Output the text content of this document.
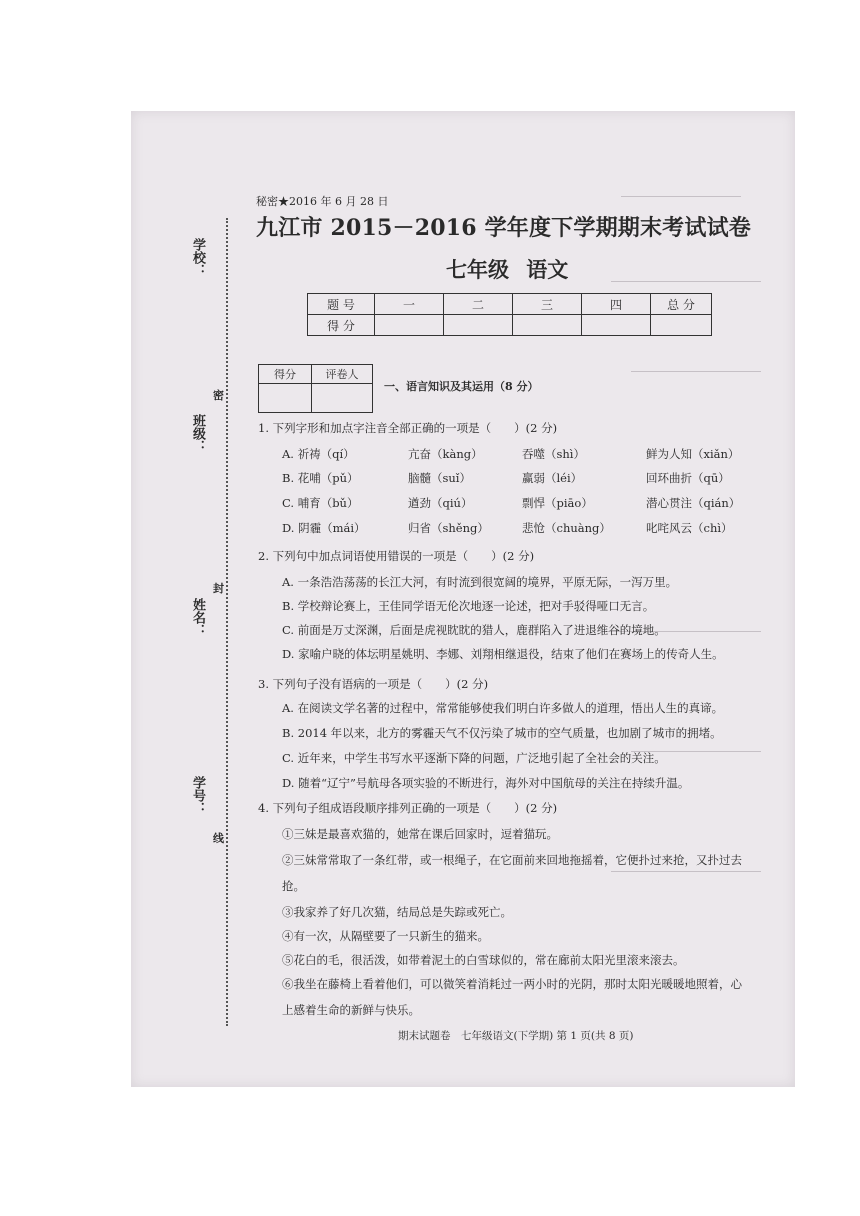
学校：
班级：
姓名：
学号：
密
封
线
秘密★2016 年 6 月 28 日
九江市 2015－2016 学年度下学期期末考试试卷
七年级 语文
题 号	一	二	三	四	总 分
得 分					
得分	评卷人

一、语言知识及其运用（8 分）
1. 下列字形和加点字注音全部正确的一项是（　　）(2 分)
A. 祈祷（qí）	亢奋（kàng）	吞噬（shì）	鲜为人知（xiǎn）
B. 花哺（pǔ）	脑髓（suǐ）	赢弱（léi）	回环曲折（qū）
C. 哺育（bǔ）	遒劲（qiú）	剽悍（piāo）	潜心贯注（qián）
D. 阴霾（mái）	归省（shěng）	悲怆（chuàng）	叱咤风云（chì）
2. 下列句中加点词语使用错误的一项是（　　）(2 分)
A. 一条浩浩荡荡的长江大河，有时流到很宽阔的境界，平原无际，一泻万里。
B. 学校辩论赛上，王佳同学语无伦次地逐一论述，把对手驳得哑口无言。
C. 前面是万丈深渊，后面是虎视眈眈的猎人，鹿群陷入了进退维谷的境地。
D. 家喻户晓的体坛明星姚明、李娜、刘翔相继退役，结束了他们在赛场上的传奇人生。
3. 下列句子没有语病的一项是（　　）(2 分)
A. 在阅读文学名著的过程中，常常能够使我们明白许多做人的道理，悟出人生的真谛。
B. 2014 年以来，北方的雾霾天气不仅污染了城市的空气质量，也加剧了城市的拥堵。
C. 近年来，中学生书写水平逐渐下降的问题，广泛地引起了全社会的关注。
D. 随着“辽宁”号航母各项实验的不断进行，海外对中国航母的关注在持续升温。
4. 下列句子组成语段顺序排列正确的一项是（　　）(2 分)
①三妹是最喜欢猫的，她常在课后回家时，逗着猫玩。
②三妹常常取了一条红带，或一根绳子，在它面前来回地拖摇着，它便扑过来抢，又扑过去
抢。
③我家养了好几次猫，结局总是失踪或死亡。
④有一次，从隔壁要了一只新生的猫来。
⑤花白的毛，很活泼，如带着泥土的白雪球似的，常在廊前太阳光里滚来滚去。
⑥我坐在藤椅上看着他们，可以微笑着消耗过一两小时的光阴，那时太阳光暖暖地照着，心
上感着生命的新鲜与快乐。
期末试题卷　七年级语文(下学期) 第 1 页(共 8 页)
